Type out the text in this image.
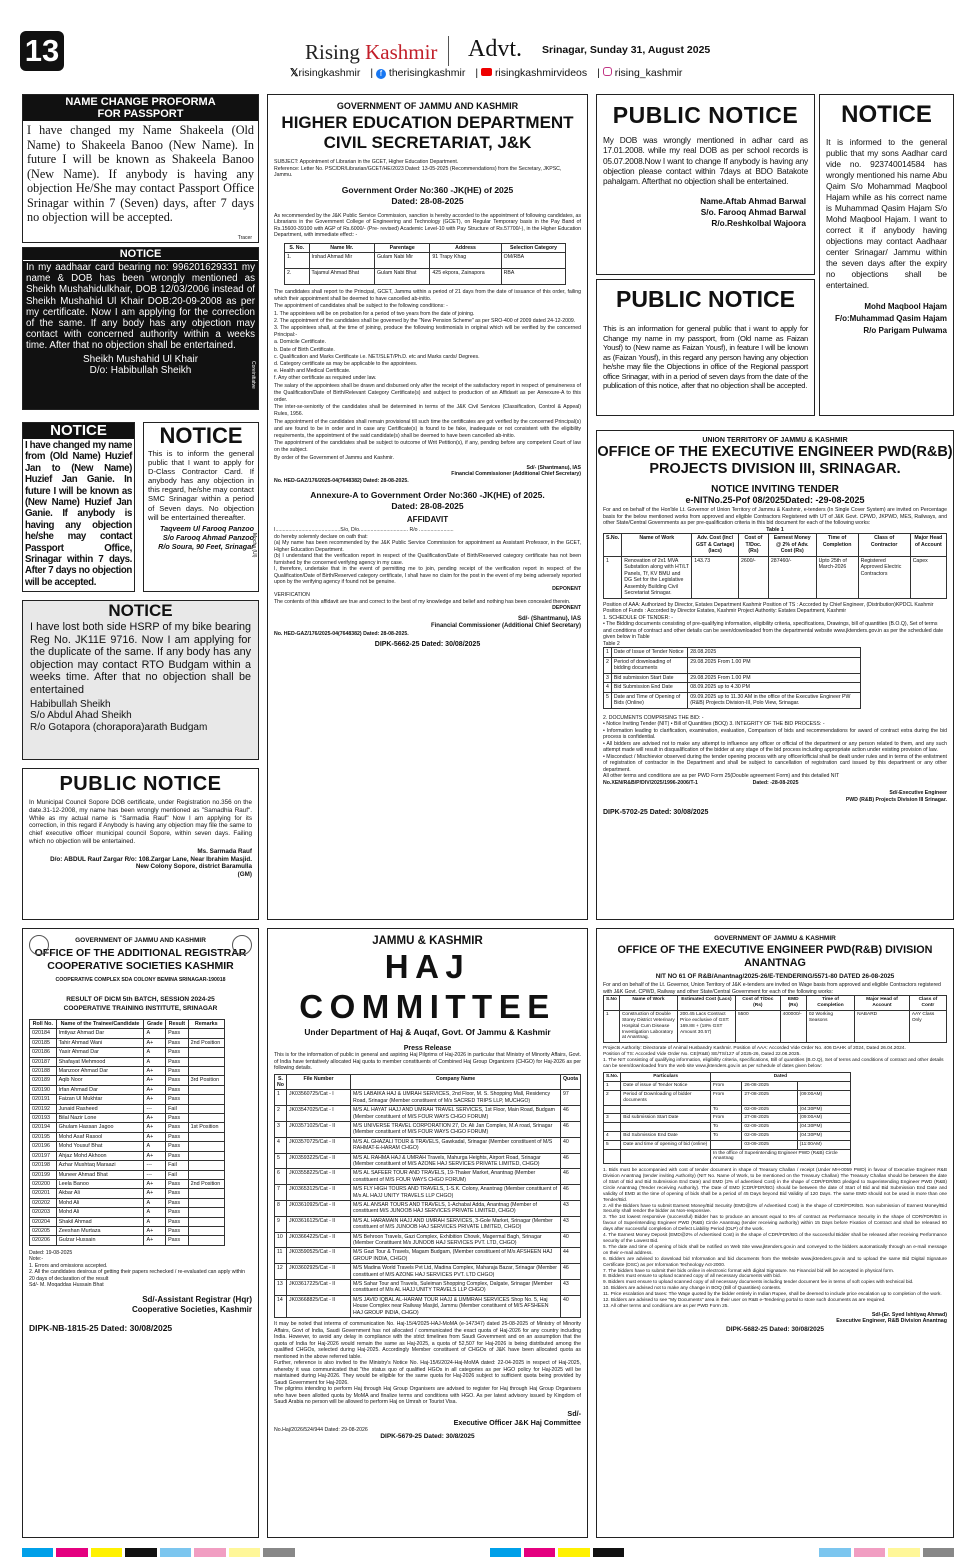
13	Rising Kashmir Advt. Srinagar, Sunday 31, August 2025
𝕏risingkashmir | f therisingkashmir |  risingkashmirvideos |  rising_kashmir
NAME CHANGE PROFORMA
FOR PASSPORT
I have changed my Name Shakeela (Old Name) to Shakeela Banoo (New Name). In future I will be known as Shakeela Banoo (New Name). If anybody is having any objection He/She may contact Passport Office Srinagar within 7 (Seven) days, after 7 days no objection will be accepted.
Tracer
NOTICE
In my aadhaar card bearing no: 996201629331 my name & DOB has been wrongly mentioned as Sheikh Mushahidulkhair, DOB 12/03/2006 instead of Sheikh Mushahid Ul Khair DOB:20-09-2008 as per my certificate. Now I am applying for the correction of the same. If any body has any objection may contact with concerned authority within a weeks time. After that no objection shall be entertained.
Sheikh Mushahid Ul Khair
D/o: Habibullah Sheikh	Coreinitiatve
NOTICE
I have changed my name from (Old Name) Huzief Jan to (New Name) Huzief Jan Ganie. In future I will be known as (New Name) Huzief Jan Ganie. If anybody is having any objection he/she may contact Passport Office, Srinagar within 7 days. After 7 days no objection will be accepted.
NOTICE
This is to inform the general public that I want to apply for D-Class Contractor Card. If anybody has any objection in this regard, he/she may contact SMC Srinagar within a period of Seven days. No objection will be entertained thereafter.
Taqveem Ul Farooq Panzoo
S/o Farooq Ahmad Panzoo
R/o Soura, 90 Feet, Srinagar
Mocha (Ul)
NOTICE
I have lost both side HSRP of my bike bearing Reg No. JK11E 9716. Now I am applying for the duplicate of the same. If any body has any objection may contact RTO Budgam within a weeks time. After that no objection shall be entertained
Habibullah Sheikh
S/o Abdul Ahad Sheikh
R/o Gotapora (chorapora)arath Budgam
PUBLIC NOTICE
In Municipal Council Sopore DOB certificate, under Registration no.356 on the date.31-12-2008, my name has been wrongly mentioned as "Samadhia Rauf". While as my actual name is "Sarmadia Rauf" Now I am applying for its correction, in this regard if Anybody is having any objection may file the same to chief executive officer municipal council Sopore, within seven days. Failing which no objection will be entertained.
Ms. Sarmada Rauf
D/o: ABDUL Rauf Zargar R/o: 108.Zargar Lane, Near Ibrahim Masjid.
New Colony Sopore, district Baramulla
(GM)
GOVERNMENT OF JAMMU AND KASHMIR
HIGHER EDUCATION DEPARTMENT
CIVIL SECRETARIAT, J&K
SUBJECT: Appointment of Librarian in the GCET, Higher Education Department.
Reference: Letter No. PSC/DR/Librarian/GCET/HE/2023 Dated: 13-05-2025 (Recommendations) from the Secretary, JKPSC, Jammu.
Government Order No:360 -JK(HE) of 2025
Dated: 28-08-2025
As recommended by the J&K Public Service Commission, sanction is hereby accorded to the appointment of following candidates, as Librarians in the Government College of Engineering and Technology (GCET), on Regular Temporary basis in the Pay Band of Rs.15600-39100 with AGP of Rs.6000/- (Pre- revised) Academic Level-10 with Pay Structure of Rs.57700/-), in the Higher Education Department, with immediate effect: -
S. No.	Name Mr.	Parentage	Address	Selection Category
1.	Irshad Ahmad Mir	Gulam Nabi Mir	91 Trapy Khag	OM/RBA
2.	Tajamul Ahmad Bhat	Gulam Nabi Bhat	425 ekpora, Zainapora	RBA
The candidates shall report to the Principal, GCET, Jammu within a period of 21 days from the date of issuance of this order, failing which their appointment shall be deemed to have cancelled ab-initio.
The appointment of candidates shall be subject to the following conditions: -
1. The appointees will be on probation for a period of two years from the date of joining.
2. The appointment of the candidates shall be governed by the "New Pension Scheme" as per SRO-400 of 2009 dated 24-12-2009.
3. The appointees shall, at the time of joining, produce the following testimonials in original which will be verified by the concerned Principal:-
a. Domicile Certificate.
b. Date of Birth Certificate.
c. Qualification and Marks Certificate i.e. NET/SLET/Ph.D. etc and Marks cards/ Degrees.
d. Category certificate as may be applicable to the appointees.
e. Health and Medical Certificate.
f. Any other certificate as required under law.
The salary of the appointees shall be drawn and disbursed only after the receipt of the satisfactory report in respect of genuineness of the Qualification/Date of Birth/Relevant Category Certificate(s) and subject to production of an Affidavit as per Annexure-A to this order.
The inter-se-seniority of the candidates shall be determined in terms of the J&K Civil Services (Classification, Control & Appeal) Rules, 1956.
The appointment of the candidates shall remain provisional till such time the certificates are got verified by the concerned Principal(s) and are found to be in order and in case any Certificate(s) is found to be fake, inadequate or not consistent with the eligibility requirements, the appointment of the said candidate(s) shall be deemed to have been cancelled ab-initio.
The appointment of the candidates shall be subject to outcome of Writ Petition(s), if any, pending before any competent Court of law on the subject.
By order of the Government of Jammu and Kashmir.
Sd/- (Shantmanu), IAS
Financial Commissioner (Additional Chief Secretary)
No. HED-GAZ/176/2025-04(7648382) Dated: 28-08-2025.
Annexure-A to Government Order No:360 -JK(HE) of 2025.
Dated: 28-08-2025
AFFIDAVIT
I.............................................S/o, D/o.................................. R/o ........................
do hereby solemnly declare on oath that:
(a) My name has been recommended by the J&K Public Service Commission for appointment as Assistant Professor, in the GCET, Higher Education Department.
(b) I understand that the verification report in respect of the Qualification/Date of Birth/Reserved category certificate has not been furnished by the concerned verifying agency in my case.
I, therefore, undertake that in the event of permitting me to join, pending receipt of the verification report in respect of the Qualification/Date of Birth/Reserved category certificate, I shall have no claim for the post in the event of my being adversely reported upon by the verifying agency if found not be genuine.
DEPONENT
VERIFICATION
The contents of this affidavit are true and correct to the best of my knowledge and belief and nothing has been concealed therein.
DEPONENT
Sd/- (Shantmanu), IAS
Financial Commissioner (Additional Chief Secretary)
No. HED-GAZ/176/2025-04(7648382) Dated: 28-08-2025.
DIPK-5662-25 Dated: 30/08/2025
PUBLIC NOTICE
My DOB was wrongly mentioned in adhar card as 17.01.2008. while my real DOB as per school records is 05.07.2008.Now I want to change If anybody is having any objection please contact within 7days at BDO Batakote pahalgam. Afterthat no objection shall be entertained.
Name.Aftab Ahmad Barwal
S/o. Farooq Ahmad Barwal
R/o.Reshkolbal Wajoora
PUBLIC NOTICE
This is an information for general public that i want to apply for Change my name in my passport, from (Old name as Faizan Yousf) to (New name as Faizan Yousf), in feature I will be known as (Faizan Yousf), in this regard any person having any objection he/she may file the Objections in office of the Regional passport office Srinagar, with in a period of seven days from the date of the publication of this notice, after that no objection shall be accepted.
NOTICE
It is informed to the general public that my sons Aadhar card vide no. 923740014584 has wrongly mentioned his name Abu Qaim S/o Mohammad Maqbool Hajam while as his correct name is Muhammad Qasim Hajam S/o Mohd Maqbool Hajam. I want to correct it if anybody having objections may contact Aadhaar center Srinagar/ Jammu within the seven days after the expiry no objections shall be entertained.
Mohd Maqbool Hajam
F/o:Muhammad Qasim Hajam
R/o Parigam Pulwama
UNION TERRITORY OF JAMMU & KASHMIR
OFFICE OF THE EXECUTIVE ENGINEER PWD(R&B)
PROJECTS DIVISION III, SRINAGAR.
NOTICE INVITING TENDER
e-NITNo.25-Pof 08/2025Dated: -29-08-2025
For and on behalf of the Hon'ble Lt. Governor of Union Territory of Jammu & Kashmir, e-tenders (In Single Cover System) are invited on Percentage basis for the below mentioned works from approved and eligible Contractors Registered with UT of J&K Govt. CPWD, JKPWD, MES, Railways, and other State/Central Governments as per pre-qualification criteria in this bid document for each of the following works:
Table 1
S.No.	Name of Work	Adv. Cost (Incl GST & Cartage) (lacs)	Cost of T/Doc. (Rs)	Earnest Money @ 2% of Adv. Cost (Rs)	Time of Completion	Class of Contractor	Major Head of Account
1	Renovation of 2x1 MVA Substation along with HT/LT Panels, Tf, KV BMU and DG Set for the Legislative Assembly Building Civil Secretariat Srinagar.	143.73	2600/-	287460/-	Upto 25th of March-2026	Registered Approved Electric Contractors	Capex
Position of AAA: Authorized by Director, Estates Department Kashmir Position of TS : Accorded by Chief Engineer, (Distribution)KPDCL Kashmir Position of Funds : Accorded by Director Estates, Kashmir Project Authority: Estates Department, Kashmir
1. SCHEDULE OF TENDER: -
• The Bidding documents consisting of pre-qualifying information, eligibility criteria, specifications, Drawings, bill of quantities (B.O.Q), Set of terms and conditions of contract and other details can be seen/downloaded from the departmental website www.jktenders.gov.in as per the scheduled date given below in Table
Table 2
1	Date of Issue of Tender Notice	28.08.2025
2	Period of downloading of bidding documents	29.08.2025 From 1.00 PM
3	Bid submission Start Date	29.08.2025 From 1.00 PM
4	Bid Submission End Date	08.09.2025 up to 4.30 PM
5	Date and Time of Opening of Bids (Online)	09.09.2025 up to 11.30 AM in the office of the Executive Engineer PW (R&B) Projects Division-III, Polo View, Srinagar.
2. DOCUMENTS COMPRISING THE BID: -
• Notice Inviting Tender (NIT) • Bill of Quantities (BOQ) 3. INTEGRITY OF THE BID PROCESS: -
• Information leading to clarification, examination, evaluation, Comparison of bids and recommendations for award of contract extra during the bid process is confidential.
• All bidders are advised not to make any attempt to influence any officer or official of the department or any person related to them, and any such attempt made will result in disqualification of the bidder at any stage of the bid process including appropriate action under existing provision of law.
• Misconduct / Mischievior observed during the tender opening process with any officer/official shall be dealt under rules and in terms of the enlistment of registration of contractor in the Department and shall be subject to cancellation of registration card issued by this department or any other department.
All other terms and conditions are as per PWD Form 25(Double agreement Form) and this detailed NIT
No.XEN/R&B/P/DIV/2025/1996-2006/T-1                                      Dated: -28-08-2025
Sd/-Executive Engineer
PWD (R&B) Projects Division III Srinagar.
DIPK-5702-25 Dated: 30/08/2025
GOVERNMENT OF JAMMU AND KASHMIR
OFFICE OF THE ADDITIONAL REGISTRAR
COOPERATIVE SOCIETIES KASHMIR
COOPERATIVE COMPLEX SDA COLONY BEMINA SRINAGAR-190018
RESULT OF DICM 5th BATCH, SESSION 2024-25
COOPERATIVE TRAINING INSTITUTE, SRINAGAR
Roll No.	Name of the Trainee/Candidate	Grade	Result	Remarks
020184	Imtiyaz Ahmad Dar	A	Pass	
020185	Tahir Ahmad Wani	A+	Pass	2nd Position
020186	Yasir Ahmad Dar	A	Pass	
020187	Shafayat Mehmood	A	Pass	
020188	Manzoor Ahmad Dar	A+	Pass	
020189	Aqib Noor	A+	Pass	3rd Position
020190	Irfan Ahmad Dar	A+	Pass	
020191	Faizan Ul Mukhtar	A+	Pass	
020192	Junaid Rasheed	---	Fail	
020193	Bilal Nazir Lone	A+	Pass	
020194	Ghulam Hassan Jagoo	A+	Pass	1st Position
020195	Mohd Asaf Rasool	A+	Pass	
020196	Mohd Yousuf Bhat	A	Pass	
020197	Ahjaz Mohd Akhoon	A+	Pass	
020198	Azhar Mushtaq Maraazi	---	Fail	
020199	Muneer Ahmad Bhat	---	Fail	
020200	Leela Banoo	A+	Pass	2nd Position
020201	Akbar Ali	A+	Pass	
020202	Mohd Ali	A	Pass	
020203	Mohd Ali	A	Pass	
020204	Shakil Ahmad	A	Pass	
020205	Zeeshan Murtaza	A+	Pass	
020206	Gulzar Hussain	A+	Pass	
Dated: 19-08-2025
Note:-
1. Errors and omissions accepted.
2. All the candidates desirous of getting their papers rechecked / re-evaluated can apply within 20 days of declaration of the result
Sd/- M. Moqaddas Hussain Bhat
Sd/-Assistant Registrar (Hqr)
Cooperative Societies, Kashmir
DIPK-NB-1815-25 Dated: 30/08/2025
JAMMU & KASHMIR
HAJ COMMITTEE
Under Department of Haj & Auqaf, Govt. Of Jammu & Kashmir
Press Release
This is for the information of public in general and aspiring Haj Pilgrims of Haj-2026 in particular that Ministry of Minority Affairs, Govt. of India have tentatively allocated Haj quota to member constituents of Combined Haj Group Organizers (CHGO) for Haj-2026 as per following details.
S. No	File Number	Company Name	Quota
1	JK03560725/Cat - I	M/S LABAIKA HAJ & UMRAH SERVICES, 2nd Floor, M. S. Shopping Mall, Residency Road, Srinagar (Member constituent of M/s SACRED TRIPS LLP, MUCHGO)	97
2	JK03547025/Cat - I	M/S AL HAYAT HAJJ AND UMRAH TRAVEL SERVICES, 1st Floor, Main Road, Budgam (Member constituent of M/S FOUR WAYS CHGO FORUM)	46
3	JK03571025/Cat - II	M/S UNIVERSE TRAVEL CORPORATION 27, Dr. Ali Jan Complex, M.A road, Srinagar (Member constituent of M/S FOUR WAYS CHGO FORUM)	46
4	JK03570725/Cat - II	M/S AL GHAZALI TOUR & TRAVELS, Gawkadal, Srinagar (Member constituent of M/S RAHMAT-E-HARAM CHGO)	40
5	JK03593225/Cat - II	M/S AL RAHMA HAJ & UMRAH Travels, Mahurga Heights, Airport Road, Srinagar (Member constituent of M/S AZONE HAJ SERVICES PRIVATE LIMITED, CHGO)	46
6	JK03558225/Cat - II	M/S AL SAFEER TOUR AND TRAVELS, 19-Thaker Market, Anantnag (Member constituent of M/S FOUR WAYS CHGO FORUM)	46
7	JK03653125/Cat - II	M/S FLY HIGH TOURS AND TRAVELS, 1-S.K. Colony, Anantnag (Member constituent of M/s AL HAJJ UNITY TRAVELS LLP CHGO)	46
8	JK03610925/Cat - II	M/S AL ANSAR TOURS AND TRAVELS, 1-Achabal Adda, Anantnag (Member of constituent M/S JUNOOB HAJ SERVICES PRIVATE LIMITED, CHGO)	43
9	JK03616125/Cat - II	M/S AL HARAMAIN HAJJ AND UMRAH SERVICES, 3-Gole Market, Srinagar (Member constituent of M/S JUNOOB HAJ SERVICES PRIVATE LIMITED, CHGO)	43
10	JK03664225/Cat - II	M/S Behroon Travels, Gazi Complex, Exhibition Chowk, Magermal Bagh, Srinagar (Member Constituent M/s JUNOOB HAJ SERVICES PVT. LTD, CHGO)	40
11	JK03590525/Cat - II	M/S Gazi Tour & Travels, Magam Budgam, (Member constituent of M/s AFSHEEN HAJ GROUP INDIA, CHGO)	44
12	JK03602925/Cat - II	M/S Madina World Travels Pvt Ltd, Madina Complex, Maharaja Bazar, Srinagar (Member constituent of M/S AZONE HAJ SERVICES PVT. LTD CHGO)	46
13	JK03617225/Cat - II	M/S Sahar Tour and Travels, Suleiman Shopping Complex, Dalgate, Srinagar (Member constituent of M/s AL HAJJ UNITY TRAVELS LLP CHGO)	43
14	JK03668825/Cat - II	M/S JAVID IQBAL AL-HARAM TOUR HAJJ & UMMRAH SERVICES Shop No. 5, Haj House Complex near Railway Masjid, Jammu (Member constituent of M/S AFSHEEN HAJ GROUP INDIA, CHGO)	40
It may be noted that interms of communication No. Haj-15/4/2025-HAJ-MoMA (e-147347) dated 25-08-2025 of Ministry of Minority Affairs, Govt of India, Saudi Government has not allocated / communicated the exact quota of Haj-2026 for any country including India. However, to avoid any delay in compliance with the strict timelines from Saudi Government and on an assumption that the quota of India for Haj-2026 would remain the same as Haj-2025, a quota of 52,507 for Haj-2026 is being distributed among the qualified CHGOs, selected during Haj-2025. Accordingly Member constituent of CHGOs of J&K have been allocated quota as mentioned in the above referred table.
Further, reference is also invited to the Ministry's Notice No. Haj-15/6/2024-Haj-MoMA dated: 22-04-2025 in respect of Haj-2025, whereby it was communicated that "the status quo of qualified HGOs in all categories as per HGO policy for Haj-2025 will be maintained during Haj-2026. They would be eligible for the same quota for Haj-2026 subject to sufficient quota being provided by Saudi Government for Haj-2026.
The pilgrims intending to perform Haj through Haj Group Organisers are advised to register for Haj through Haj Group Organisers who have been allotted quota by MoMA and finalize terms and conditions with HGO. As per latest advisory issued by Kingdom of Saudi Arabia no person will be allowed to perform Haj on Umrah or Tourist Visa.
Sd/-
Executive Officer J&K Haj Committee
No.Haj/2026/524/944 Dated: 29-08-2026
DIPK-5679-25 Dated: 30/8/2025
GOVERNMENT OF JAMMU & KASHMIR
OFFICE OF THE EXECUTIVE ENGINEER PWD(R&B) DIVISION ANANTNAG
NIT NO 61 OF R&B/Anantnag/2025-26/E-TENDERING/5571-80 DATED 26-08-2025
For and on behalf of the Lt. Governor, Union Territory of J&K e-tenders are invited on Wage basis from approved and eligible Contractors registered with J&K Govt. CPWD, Railway and other State/Central Government for each of the following works:
S.No	Name of Work	Estimated Cost (Lacs)	Cost of T/Doc (Rs)	EMD (Rs)	Time of Completion	Major Head of Account	Class of Contr
1	Construction of Double Storey District Veterinary Hospital Cum Disease Investigation Laboratory at Anantnag.	200.45 Lacs Contract Price exclusive of GST: 169.88 + (18% GST Amount 30.57)	5500	400000/-	02 Working Seasons	NABARD	AAY Class Only
Projects Authority: Directorate of Animal Husbandry Kashmir. Position of AAA: Accorded Vide Order No. 406 DAHK of 2024, Dated 26.04.2024.
Position of TS: Accorded Vide Order No. CE(R&B) SE/TS/127 of 2025-26, Dated 22.08.2025.
1. The NIT consisting of qualifying information, eligibility criteria, specifications, Bill of quantities (B.O.Q), Set of terms and conditions of contract and other details can be seen/downloaded from the web site www.jktenders.gov.in as per schedule of dates given below:
S.No.	Particulars	Dated		
1	Date of issue of Tender Notice	From	26-08-2025	
2	Period of Downloading of bidder documents	From	27-08-2025	(09:00AM)
		To	02-09-2025	(04:30PM)
3	Bid submission Start Date	From	27-08-2025	(09:00AM)
		To	02-09-2025	(04:30PM)
4	Bid Submission End Date	To	02-09-2025	(04:30PM)
5	Date and time of opening of bid (online)		03-09-2025	(11:00AM)
		In the office of Superintending Engineer PWD (R&B) Circle Anantnag		
1. Bids must be accompanied with cost of tender document in shape of Treasury Challan / receipt (Under MH-0059 PWD) in favour of Executive Engineer R&B Division Anantnag (tender inviting Authority) (NIT No. Name of Work, to be mentioned on the Treasury Challan) The Treasury Challan should be between the date of Start of Bid and Bid Submission End Date) and EMD (2% of advertised Cost) in the shape of CDR/FDR/BG pledged to Superintending Engineer PWD (R&B) Circle Anantnag (Tender receiving Authority). The Date of EMD (CDR/FDR/BG) should be between the date of Start of Bid and Bid Submission End Date and validity of EMD at the time of opening of bids shall be a period of 45 Days beyond Bid Validity of 120 Days. The same EMD should not be used in more than one Tender/Bid.
2. All the Bidders have to submit Earnest Money/Bid Security (EMD@2% of Advertised Cost) in the shape of CDR/FDR/BG. Non submission of Earnest Money/Bid Security shall render the bidder as Non-responsive.
3. The 1st lowest responsive (successful) Bidder has to produce an amount equal to 5% of contract as Performance Security in the shape of CDR/FDR/BG in favour of Superintending Engineer PWD (R&B) Circle Anantnag (tender receiving authority) within 15 Days before Fixation of Contract and shall be released 60 days after successful completion of Defect Liability Period (DLP) of the work.
4. The Earnest Money Deposit (EMD@2% of Advertised Cost) in the shape of CDR/FDR/BG of the successful Bidder shall be released after receiving Performance security of the Lowest Bid.
5. The date and time of opening of bids shall be notified on Web Site www.jktenders.gov.in and conveyed to the bidders automatically through an e-mail message on their e-mail address.
6. Bidders are advised to download bid Information and bid documents from the Website www.jktenders.gov.in and to upload the same Bid Digital Signature Certificate (DSC) as per Information Technology Act-2000.
7. The bidders have to submit their bids online in electronic format with digital Signature. No Financial bid will be accepted in physical form.
8. Bidders must ensure to upload scanned copy of all necessary documents with bid.
9. Bidders must ensure to upload scanned copy of all necessary documents including tender document fee in terms of soft copies with technical bid.
10. Bidders are advised not to make any change in BOQ (Bill of Quantities) contents.
11. Price escalation and taxes: The Wage quoted by the bidder entirely in Indian Rupee, shall be deemed to include price escalation up to completion of the work.
12. Bidders are advised to see "My Documents" area in their user on R&B e-Tendering portal to store such documents as are required.
13. All other terms and conditions are as per PWD Form 25.
Sd/-(Er. Syed Ishtiyaq Ahmad)
Executive Engineer, R&B Division Anantnag
DIPK-5682-25 Dated: 30/08/2025
